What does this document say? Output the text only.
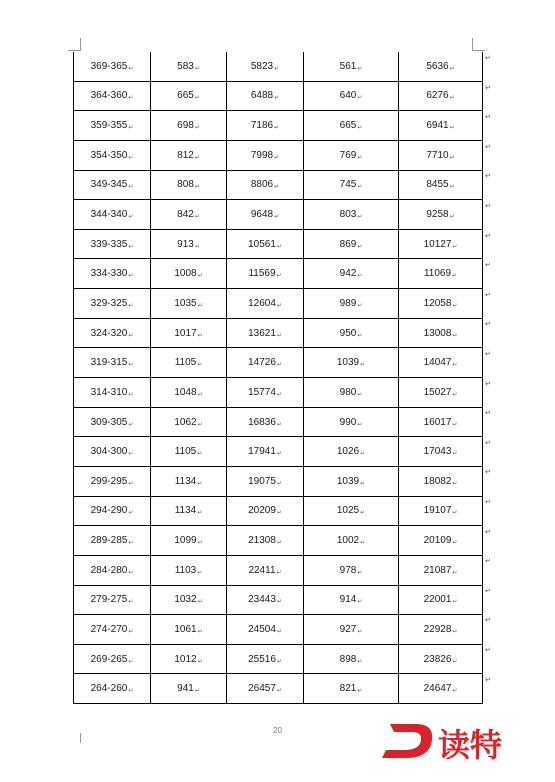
369-365↵	583↵	5823↵	561↵	5636↵
364-360↵	665↵	6488↵	640↵	6276↵
359-355↵	698↵	7186↵	665↵	6941↵
354-350↵	812↵	7998↵	769↵	7710↵
349-345↵	808↵	8806↵	745↵	8455↵
344-340↵	842↵	9648↵	803↵	9258↵
339-335↵	913↵	10561↵	869↵	10127↵
334-330↵	1008↵	11569↵	942↵	11069↵
329-325↵	1035↵	12604↵	989↵	12058↵
324-320↵	1017↵	13621↵	950↵	13008↵
319-315↵	1105↵	14726↵	1039↵	14047↵
314-310↵	1048↵	15774↵	980↵	15027↵
309-305↵	1062↵	16836↵	990↵	16017↵
304-300↵	1105↵	17941↵	1026↵	17043↵
299-295↵	1134↵	19075↵	1039↵	18082↵
294-290↵	1134↵	20209↵	1025↵	19107↵
289-285↵	1099↵	21308↵	1002↵	20109↵
284-280↵	1103↵	22411↵	978↵	21087↵
279-275↵	1032↵	23443↵	914↵	22001↵
274-270↵	1061↵	24504↵	927↵	22928↵
269-265↵	1012↵	25516↵	898↵	23826↵
264-260↵	941↵	26457↵	821↵	24647↵
↵
↵
↵
↵
↵
↵
↵
↵
↵
↵
↵
↵
↵
↵
↵
↵
↵
↵
↵
↵
↵
↵
20	读特
